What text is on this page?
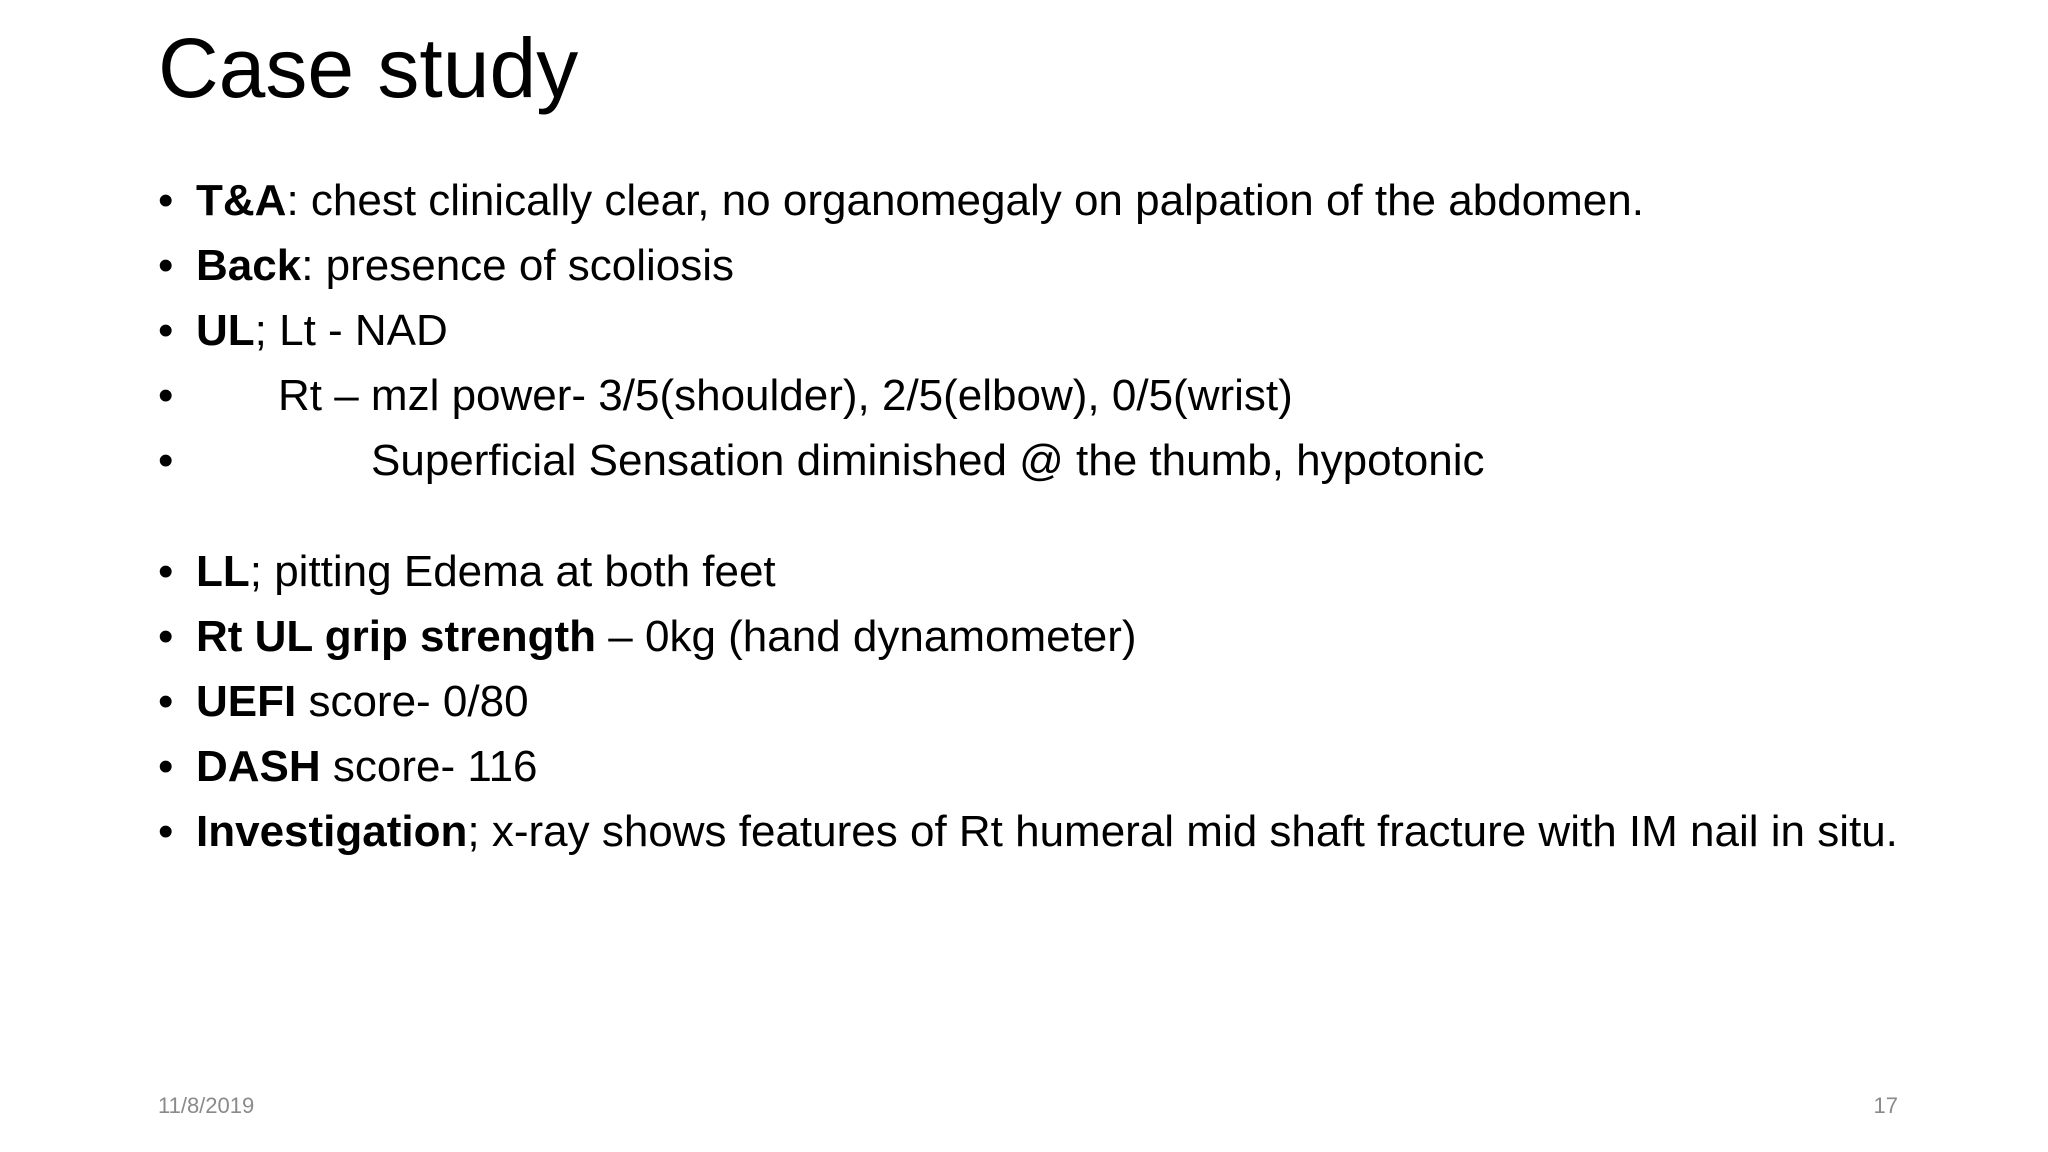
Case study
• T&A: chest clinically clear, no organomegaly on palpation of the abdomen.
• Back: presence of scoliosis
• UL; Lt - NAD
• Rt – mzl power- 3/5(shoulder), 2/5(elbow), 0/5(wrist)
• Superficial Sensation diminished @ the thumb, hypotonic
• LL; pitting Edema at both feet
• Rt UL grip strength – 0kg (hand dynamometer)
• UEFI score- 0/80
• DASH score- 116
• Investigation; x-ray shows features of Rt humeral mid shaft fracture with IM nail in situ.
11/8/2019	17
